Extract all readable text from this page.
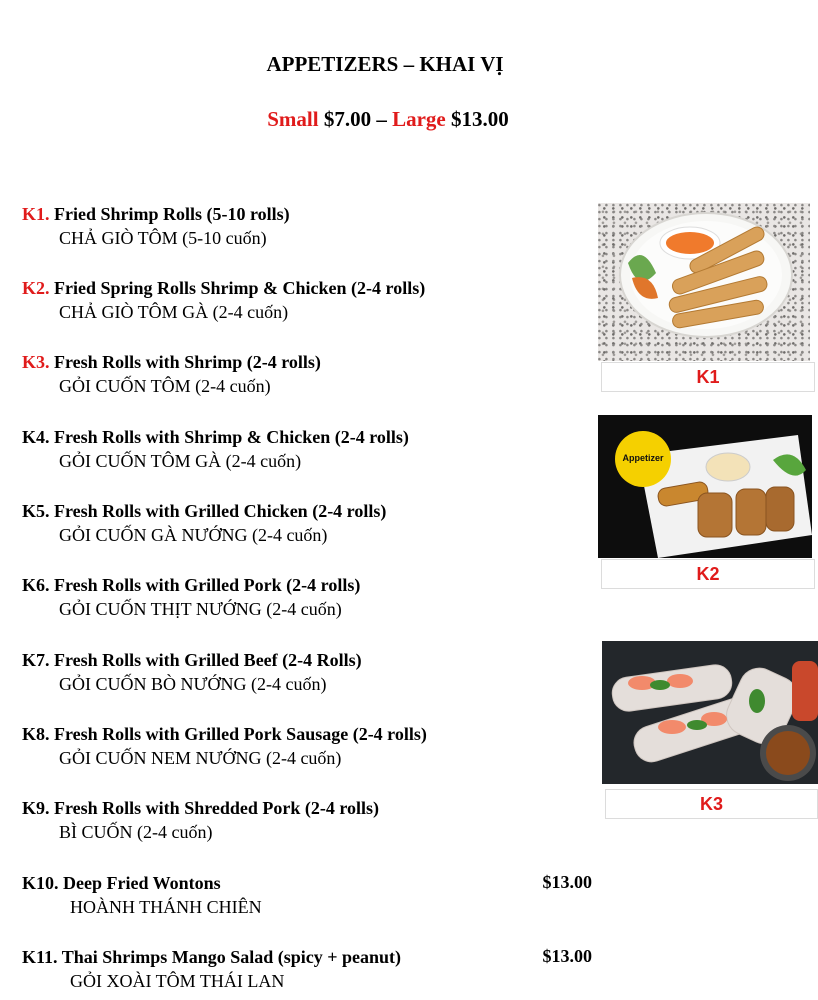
APPETIZERS – KHAI VỊ
Small $7.00 – Large $13.00
K1. Fried Shrimp Rolls (5-10 rolls)
CHẢ GIÒ TÔM (5-10 cuốn)
K2. Fried Spring Rolls Shrimp & Chicken (2-4 rolls)
CHẢ GIÒ TÔM GÀ (2-4 cuốn)
K3. Fresh Rolls with Shrimp (2-4 rolls)
GỎI CUỐN TÔM (2-4 cuốn)
K4. Fresh Rolls with Shrimp & Chicken (2-4 rolls)
GỎI CUỐN TÔM GÀ (2-4 cuốn)
K5. Fresh Rolls with Grilled Chicken (2-4 rolls)
GỎI CUỐN GÀ NƯỚNG (2-4 cuốn)
K6. Fresh Rolls with Grilled Pork (2-4 rolls)
GỎI CUỐN THỊT NƯỚNG (2-4 cuốn)
K7. Fresh Rolls with Grilled Beef (2-4 Rolls)
GỎI CUỐN BÒ NƯỚNG (2-4 cuốn)
K8. Fresh Rolls with Grilled Pork Sausage (2-4 rolls)
GỎI CUỐN NEM NƯỚNG (2-4 cuốn)
K9. Fresh Rolls with Shredded Pork (2-4 rolls)
BÌ CUỐN (2-4 cuốn)
K10. Deep Fried Wontons
HOÀNH THÁNH CHIÊN
$13.00
K11. Thai Shrimps Mango Salad (spicy + peanut)
GỎI XOÀI TÔM THÁI LAN
$13.00
K1
Appetizer
K2
K3
